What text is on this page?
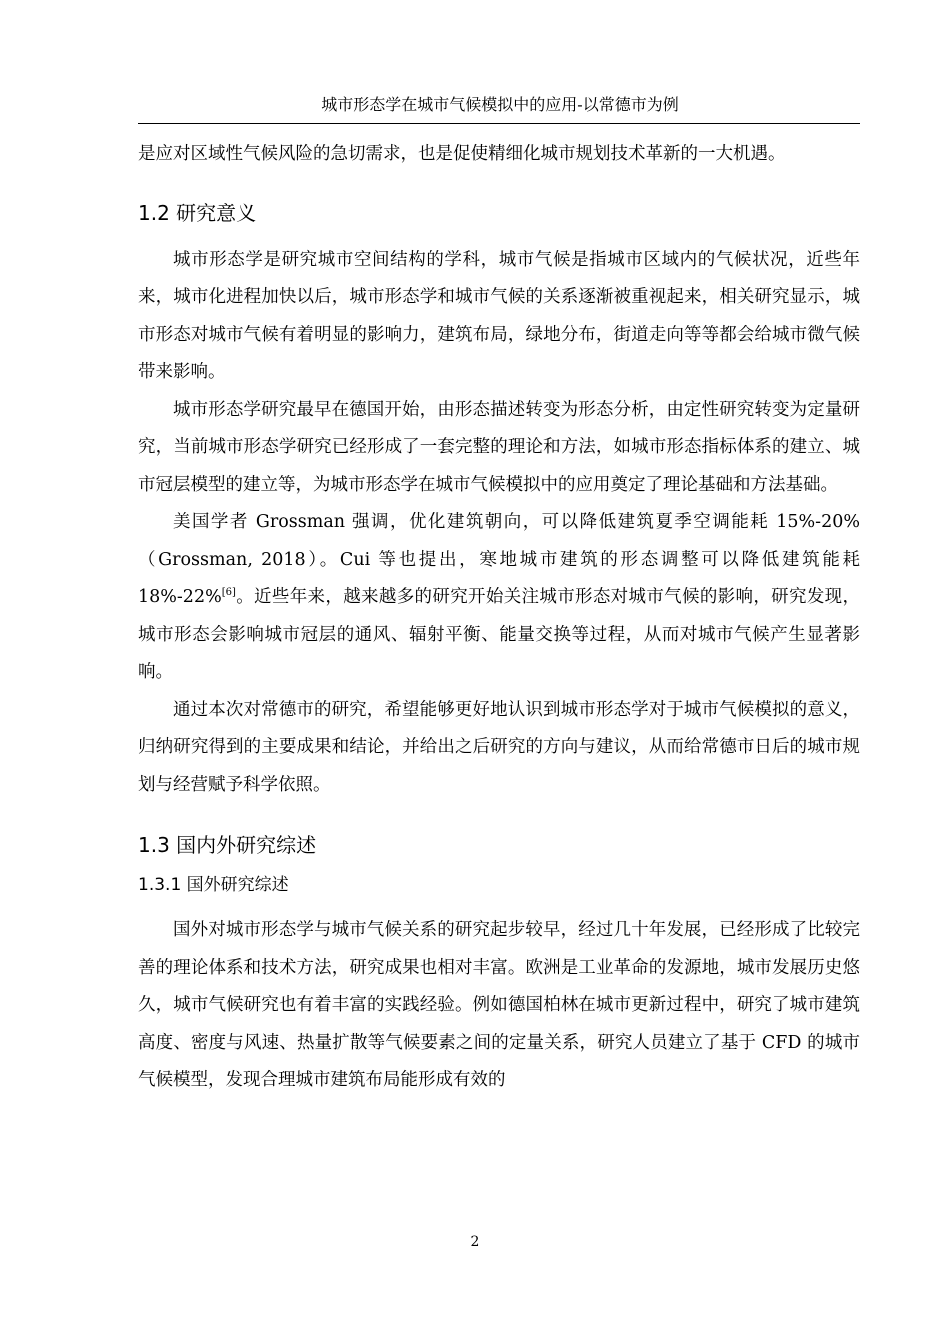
城市形态学在城市气候模拟中的应用-以常德市为例

是应对区域性气候风险的急切需求，也是促使精细化城市规划技术革新的一大机遇。

1.2 研究意义

城市形态学是研究城市空间结构的学科，城市气候是指城市区域内的气候状况，近些年来，城市化进程加快以后，城市形态学和城市气候的关系逐渐被重视起来，相关研究显示，城市形态对城市气候有着明显的影响力，建筑布局，绿地分布，街道走向等等都会给城市微气候带来影响。

城市形态学研究最早在德国开始，由形态描述转变为形态分析，由定性研究转变为定量研究，当前城市形态学研究已经形成了一套完整的理论和方法，如城市形态指标体系的建立、城市冠层模型的建立等，为城市形态学在城市气候模拟中的应用奠定了理论基础和方法基础。

美国学者 Grossman 强调，优化建筑朝向，可以降低建筑夏季空调能耗 15%-20%（Grossman, 2018）。Cui 等也提出，寒地城市建筑的形态调整可以降低建筑能耗 18%-22%[6]。近些年来，越来越多的研究开始关注城市形态对城市气候的影响，研究发现，城市形态会影响城市冠层的通风、辐射平衡、能量交换等过程，从而对城市气候产生显著影响。

通过本次对常德市的研究，希望能够更好地认识到城市形态学对于城市气候模拟的意义，归纳研究得到的主要成果和结论，并给出之后研究的方向与建议，从而给常德市日后的城市规划与经营赋予科学依照。

1.3 国内外研究综述
1.3.1 国外研究综述

国外对城市形态学与城市气候关系的研究起步较早，经过几十年发展，已经形成了比较完善的理论体系和技术方法，研究成果也相对丰富。欧洲是工业革命的发源地，城市发展历史悠久，城市气候研究也有着丰富的实践经验。例如德国柏林在城市更新过程中，研究了城市建筑高度、密度与风速、热量扩散等气候要素之间的定量关系，研究人员建立了基于 CFD 的城市气候模型，发现合理城市建筑布局能形成有效的

2
